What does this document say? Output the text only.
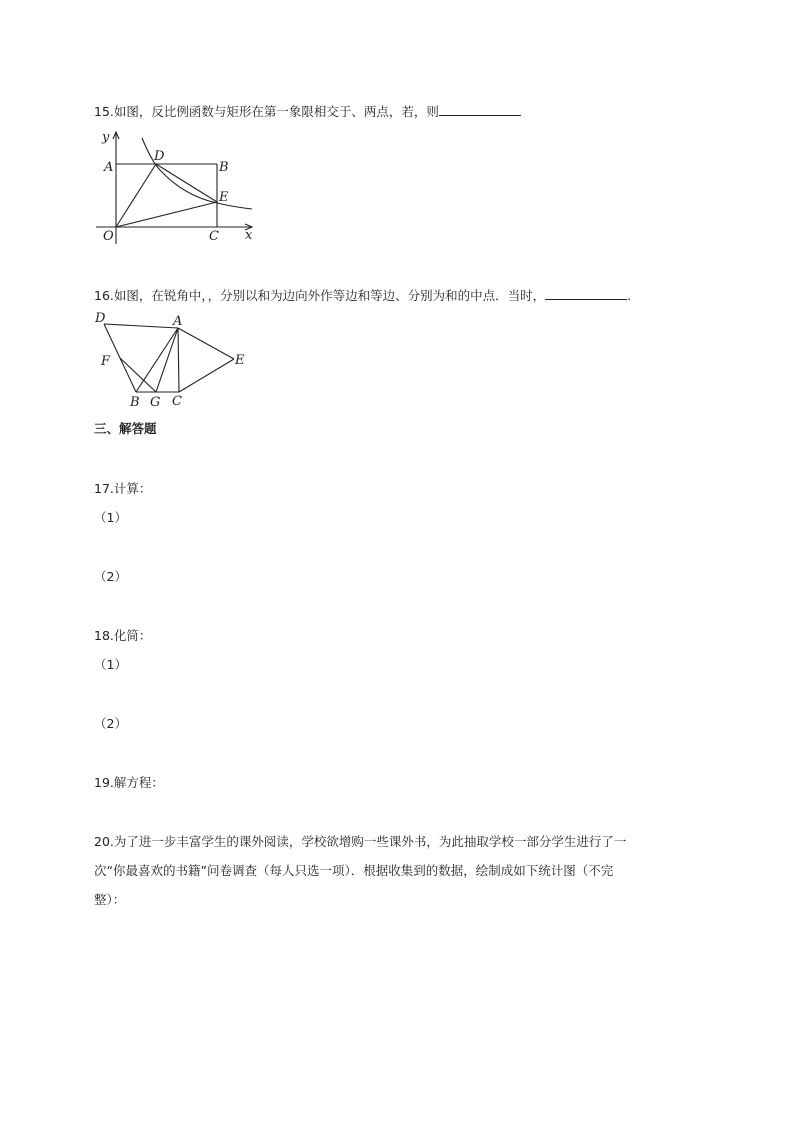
15.如图，反比例函数与矩形在第一象限相交于、两点，若，则
y
A
D
B
E
O	C x
16.如图，在锐角中，，分别以和为边向外作等边和等边、分别为和的中点．当时，	.
D	A
E
F
B G C
三、解答题
17.计算：
（1）
（2）
18.化简：
（1）
（2）
19.解方程：
20.为了进一步丰富学生的课外阅读，学校欲增购一些课外书，为此抽取学校一部分学生进行了一
次“你最喜欢的书籍”问卷调查（每人只选一项）．根据收集到的数据，绘制成如下统计图（不完
整）：
